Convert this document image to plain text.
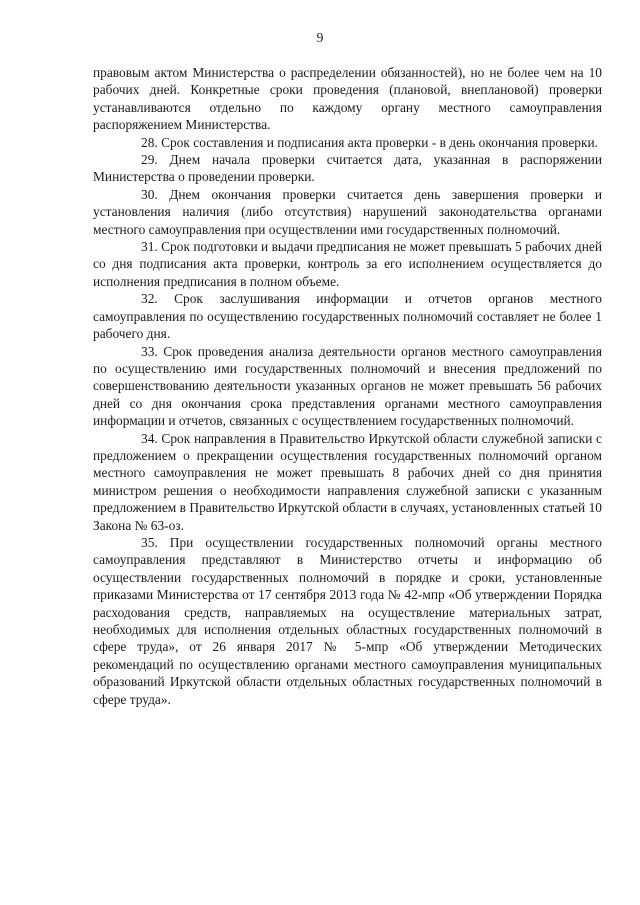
9

правовым актом Министерства о распределении обязанностей), но не более чем на 10 рабочих дней. Конкретные сроки проведения (плановой, внеплановой) проверки устанавливаются отдельно по каждому органу местного самоуправления распоряжением Министерства.

28. Срок составления и подписания акта проверки - в день окончания проверки.

29. Днем начала проверки считается дата, указанная в распоряжении Министерства о проведении проверки.

30. Днем окончания проверки считается день завершения проверки и установления наличия (либо отсутствия) нарушений законодательства органами местного самоуправления при осуществлении ими государственных полномочий.

31. Срок подготовки и выдачи предписания не может превышать 5 рабочих дней со дня подписания акта проверки, контроль за его исполнением осуществляется до исполнения предписания в полном объеме.

32. Срок заслушивания информации и отчетов органов местного самоуправления по осуществлению государственных полномочий составляет не более 1 рабочего дня.

33. Срок проведения анализа деятельности органов местного самоуправления по осуществлению ими государственных полномочий и внесения предложений по совершенствованию деятельности указанных органов не может превышать 56 рабочих дней со дня окончания срока представления органами местного самоуправления информации и отчетов, связанных с осуществлением государственных полномочий.

34. Срок направления в Правительство Иркутской области служебной записки с предложением о прекращении осуществления государственных полномочий органом местного самоуправления не может превышать 8 рабочих дней со дня принятия министром решения о необходимости направления служебной записки с указанным предложением в Правительство Иркутской области в случаях, установленных статьей 10 Закона № 63-оз.

35. При осуществлении государственных полномочий органы местного самоуправления представляют в Министерство отчеты и информацию об осуществлении государственных полномочий в порядке и сроки, установленные приказами Министерства от 17 сентября 2013 года № 42-мпр «Об утверждении Порядка расходования средств, направляемых на осуществление материальных затрат, необходимых для исполнения отдельных областных государственных полномочий в сфере труда», от 26 января 2017 № 5-мпр «Об утверждении Методических рекомендаций по осуществлению органами местного самоуправления муниципальных образований Иркутской области отдельных областных государственных полномочий в сфере труда».
